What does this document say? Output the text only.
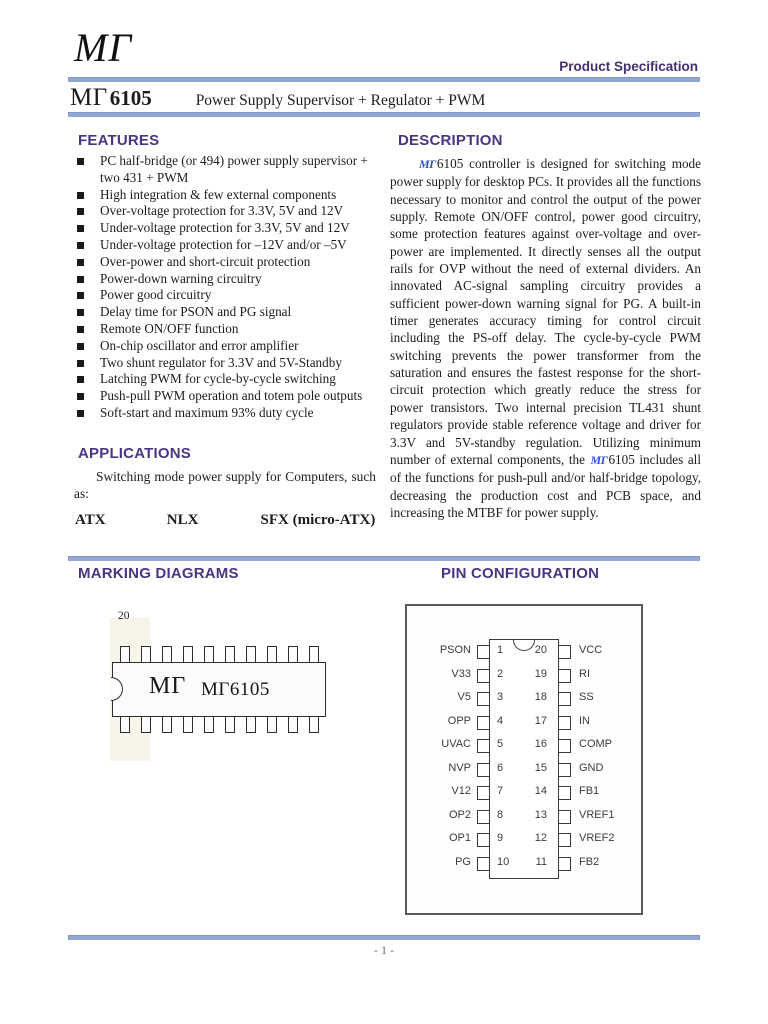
МГ	Product Specification
МГ 6105	Power Supply Supervisor + Regulator + PWM
FEATURES
PC half-bridge (or 494) power supply supervisor + two 431 + PWM
High integration & few external components
Over-voltage protection for 3.3V, 5V and 12V
Under-voltage protection for 3.3V, 5V and 12V
Under-voltage protection for –12V and/or –5V
Over-power and short-circuit protection
Power-down warning circuitry
Power good circuitry
Delay time for PSON and PG signal
Remote ON/OFF function
On-chip oscillator and error amplifier
Two shunt regulator for 3.3V and 5V-Standby
Latching PWM for cycle-by-cycle switching
Push-pull PWM operation and totem pole outputs
Soft-start and maximum 93% duty cycle
APPLICATIONS

Switching mode power supply for Computers, such as:

ATX	NLX	SFX (micro-ATX)
DESCRIPTION

МГ6105 controller is designed for switching mode power supply for desktop PCs. It provides all the functions necessary to monitor and control the output of the power supply. Remote ON/OFF control, power good circuitry, some protection features against over-voltage and over-power are implemented. It directly senses all the output rails for OVP without the need of external dividers. An innovated AC-signal sampling circuitry provides a sufficient power-down warning signal for PG. A built-in timer generates accuracy timing for control circuit including the PS-off delay. The cycle-by-cycle PWM switching prevents the power transformer from the saturation and ensures the fastest response for the short-circuit protection which greatly reduce the stress for power transistors. Two internal precision TL431 shunt regulators provide stable reference voltage and driver for 3.3V and 5V-standby regulation. Utilizing minimum number of external components, the МГ6105 includes all of the functions for push-pull and/or half-bridge topology, decreasing the production cost and PCB space, and increasing the MTBF for power supply.

MARKING DIAGRAMS	PIN CONFIGURATION
20
МГ МГ6105
PSON 1	20	VCC
V33 2	19	RI
V5 3	18	SS
OPP 4	17	IN
UVAC 5	16	COMP
NVP 6	15	GND
V12 7	14	FB1
OP2 8	13	VREF1
OP1 9	12	VREF2
PG 10	11	FB2
- 1 -
